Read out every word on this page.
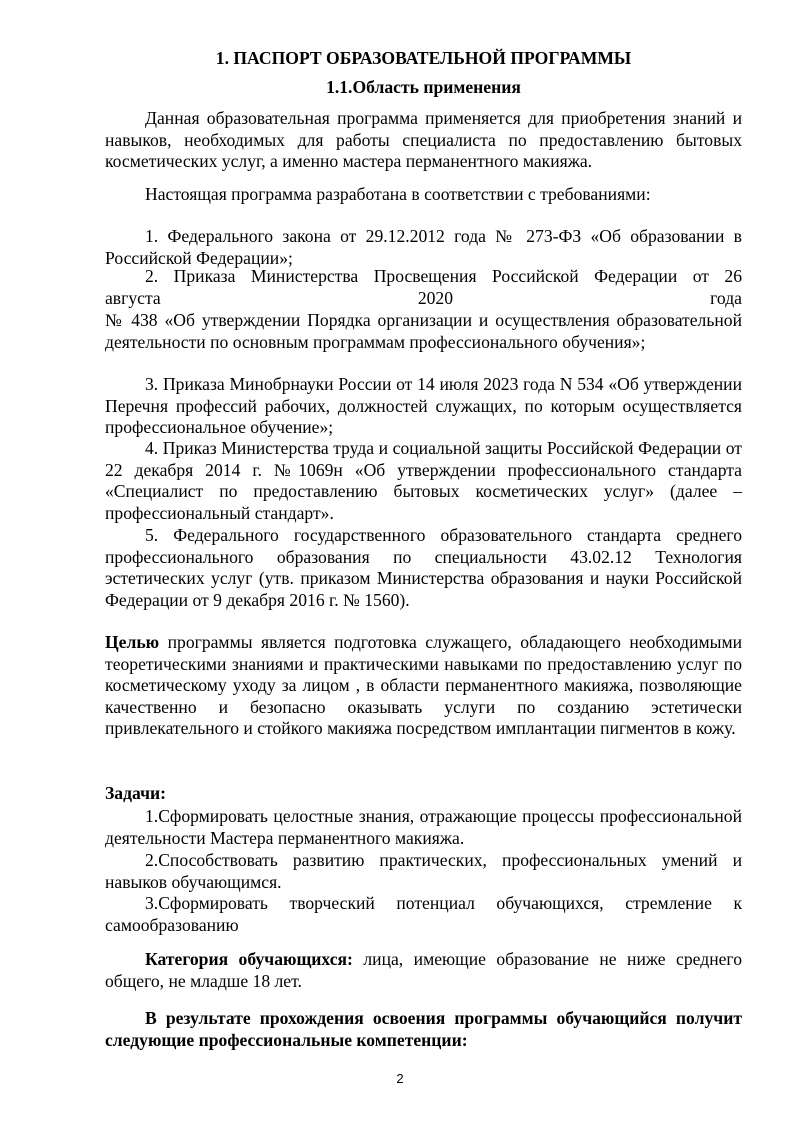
1. ПАСПОРТ ОБРАЗОВАТЕЛЬНОЙ ПРОГРАММЫ

1.1.Область применения

Данная образовательная программа применяется для приобретения знаний и навыков, необходимых для работы специалиста по предоставлению бытовых косметических услуг, а именно мастера перманентного макияжа.

Настоящая программа разработана в соответствии с требованиями:

1. Федерального закона от 29.12.2012 года № 273-ФЗ «Об образовании в Российской Федерации»;

2. Приказа Министерства Просвещения Российской Федерации от 26

августа	2020	года

№ 438 «Об утверждении Порядка организации и осуществления образовательной деятельности по основным программам профессионального обучения»;

3. Приказа Минобрнауки России от 14 июля 2023 года N 534 «Об утверждении Перечня профессий рабочих, должностей служащих, по которым осуществляется профессиональное обучение»;

4. Приказ Министерства труда и социальной защиты Российской Федерации от 22 декабря 2014 г. №1069н «Об утверждении профессионального стандарта «Специалист по предоставлению бытовых косметических услуг» (далее –профессиональный стандарт».

5. Федерального государственного образовательного стандарта среднего профессионального образования по специальности 43.02.12 Технология эстетических услуг (утв. приказом Министерства образования и науки Российской Федерации от 9 декабря 2016 г. № 1560).

Целью программы является подготовка служащего, обладающего необходимыми теоретическими знаниями и практическими навыками по предоставлению услуг по косметическому уходу за лицом , в области перманентного макияжа, позволяющие качественно и безопасно оказывать услуги по созданию эстетически привлекательного и стойкого макияжа посредством имплантации пигментов в кожу.

Задачи:

1.Сформировать целостные знания, отражающие процессы профессиональной деятельности Мастера перманентного макияжа.

2.Способствовать развитию практических, профессиональных умений и навыков обучающимся.

3.Сформировать творческий потенциал обучающихся, стремление к самообразованию

Категория обучающихся: лица, имеющие образование не ниже среднего общего, не младше 18 лет.

В результате прохождения освоения программы обучающийся получит следующие профессиональные компетенции:

2
